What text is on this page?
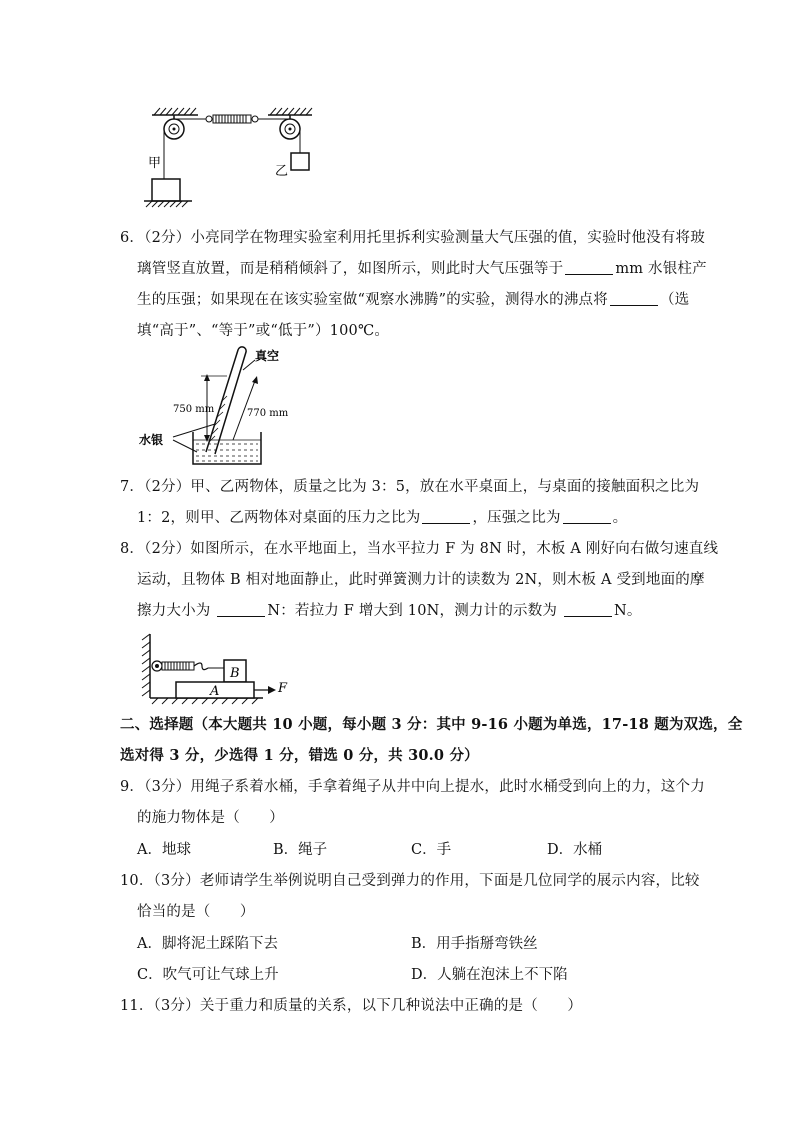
甲
乙
6．（2分）小亮同学在物理实验室利用托里拆利实验测量大气压强的值，实验时他没有将玻
璃管竖直放置，而是稍稍倾斜了，如图所示，则此时大气压强等于	mm 水银柱产
生的压强；如果现在在该实验室做“观察水沸腾”的实验，测得水的沸点将	（选
填“高于”、“等于”或“低于”）100℃。
真空
750 mm	770 mm
水银
7．（2分）甲、乙两物体，质量之比为 3：5，放在水平桌面上，与桌面的接触面积之比为
1：2，则甲、乙两物体对桌面的压力之比为	，压强之比为	。
8．（2分）如图所示，在水平地面上，当水平拉力 F 为 8N 时，木板 A 刚好向右做匀速直线
运动，且物体 B 相对地面静止，此时弹簧测力计的读数为 2N，则木板 A 受到地面的摩
擦力大小为	N：若拉力 F 增大到 10N，测力计的示数为	N。
B
A	F
二、选择题（本大题共 10 小题，每小题 3 分：其中 9-16 小题为单选，17-18 题为双选，全
选对得 3 分，少选得 1 分，错选 0 分，共 30.0 分）
9．（3分）用绳子系着水桶，手拿着绳子从井中向上提水，此时水桶受到向上的力，这个力
的施力物体是（　　）
A．地球	B．绳子	C．手	D．水桶
10．（3分）老师请学生举例说明自己受到弹力的作用，下面是几位同学的展示内容，比较
恰当的是（　　）
A．脚将泥土踩陷下去	B．用手指掰弯铁丝
C．吹气可让气球上升	D．人躺在泡沫上不下陷
11．（3分）关于重力和质量的关系，以下几种说法中正确的是（　　）
